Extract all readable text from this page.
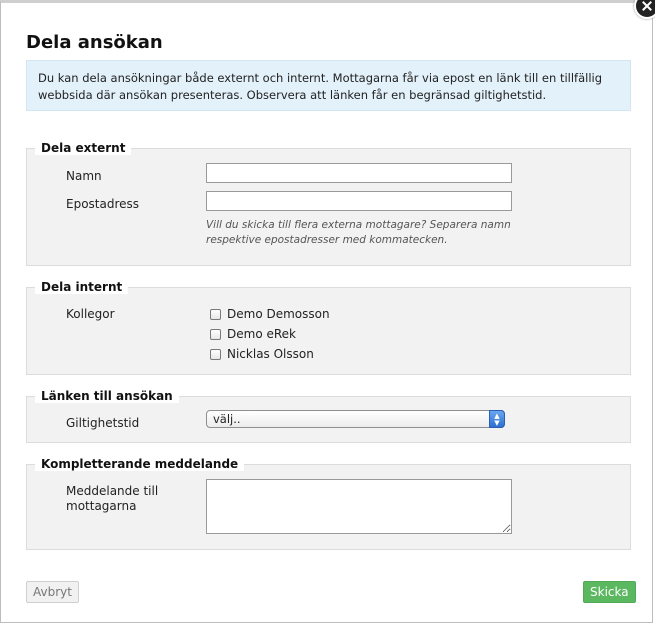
Dela ansökan
Du kan dela ansökningar både externt och internt. Mottagarna får via epost en länk till en tillfällig webbsida där ansökan presenteras. Observera att länken får en begränsad giltighetstid.
Dela externt
Namn
Epostadress
Vill du skicka till flera externa mottagare? Separera namn respektive epostadresser med kommatecken.
Dela internt
Kollegor	Demo Demosson
Demo eRek
Nicklas Olsson
Länken till ansökan
Giltighetstid	välj..	▲
▼
Kompletterande meddelande
Meddelande till mottagarna
Avbryt	Skicka
